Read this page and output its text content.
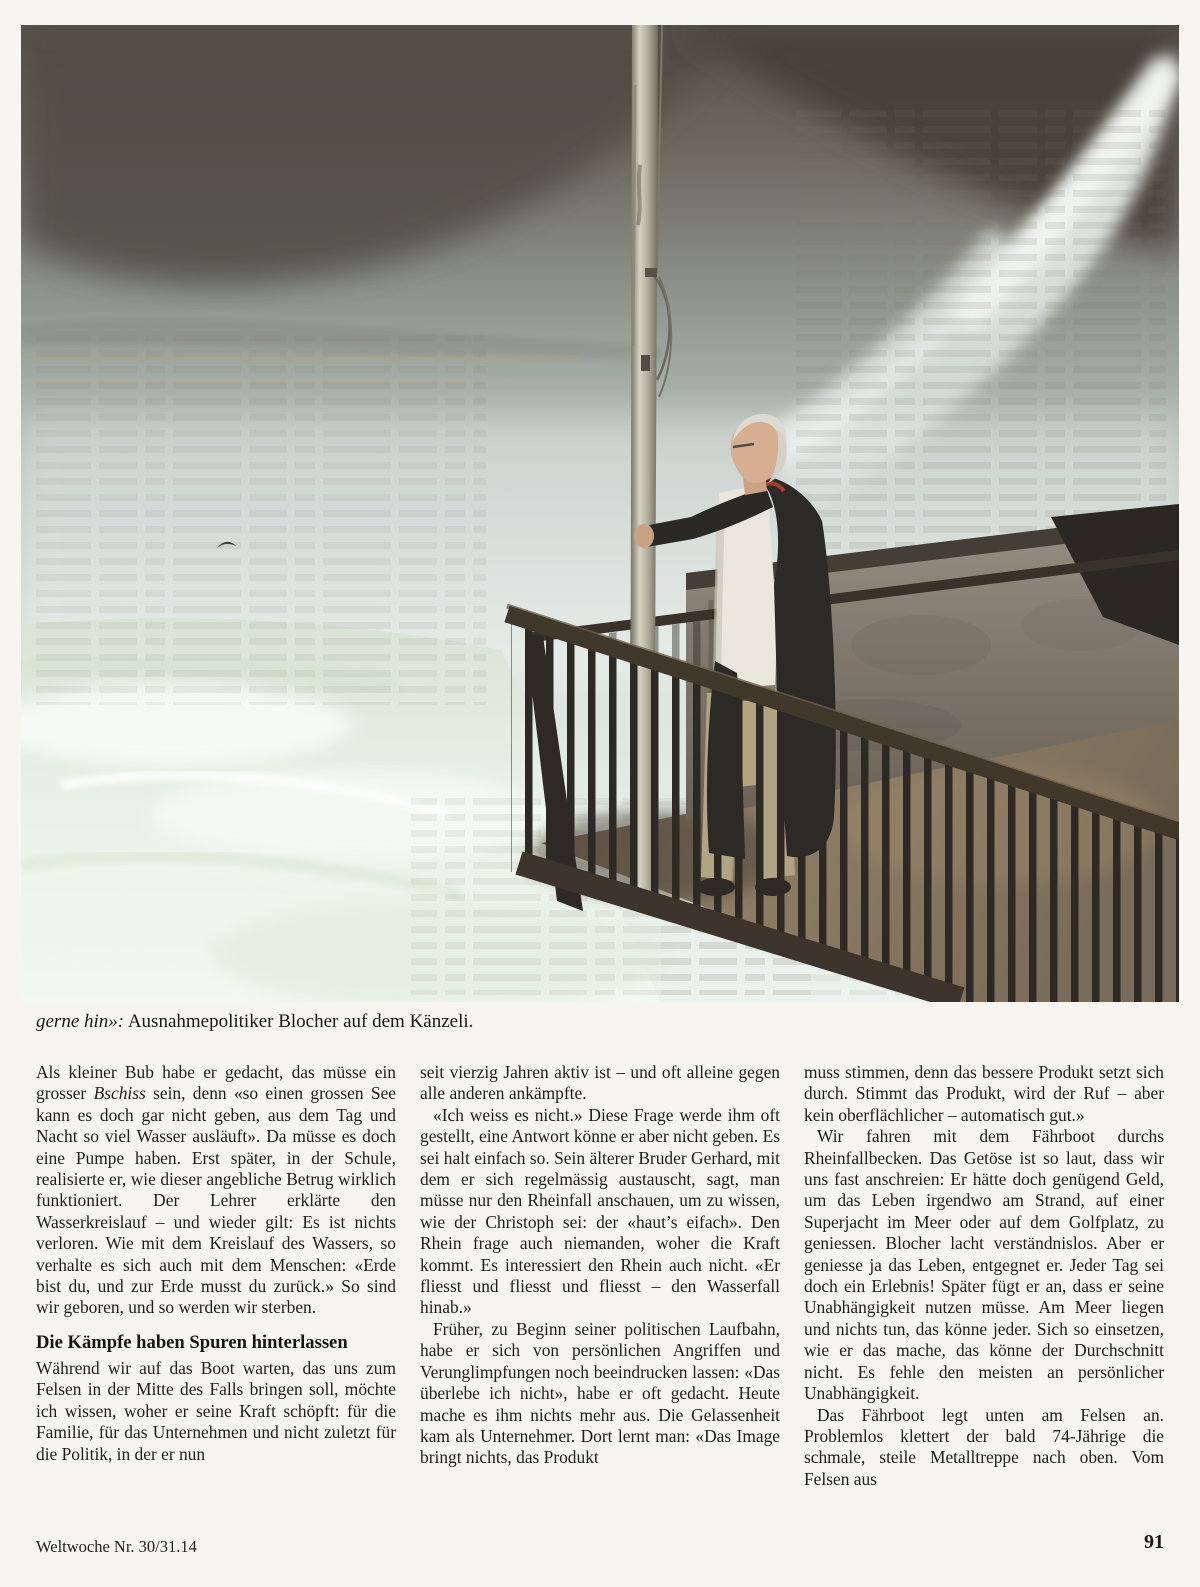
gerne hin»: Ausnahmepolitiker Blocher auf dem Känzeli.

Als kleiner Bub habe er gedacht, das müsse ein grosser Bschiss sein, denn «so einen grossen See kann es doch gar nicht geben, aus dem Tag und Nacht so viel Wasser ausläuft». Da müsse es doch eine Pumpe haben. Erst später, in der Schule, realisierte er, wie dieser angebliche Betrug wirklich funktioniert. Der Lehrer erklärte den Wasserkreislauf – und wieder gilt: Es ist nichts verloren. Wie mit dem Kreislauf des Wassers, so verhalte es sich auch mit dem Menschen: «Erde bist du, und zur Erde musst du zurück.» So sind wir geboren, und so werden wir sterben.

Die Kämpfe haben Spuren hinterlassen

Während wir auf das Boot warten, das uns zum Felsen in der Mitte des Falls bringen soll, möchte ich wissen, woher er seine Kraft schöpft: für die Familie, für das Unternehmen und nicht zuletzt für die Politik, in der er nun

seit vierzig Jahren aktiv ist – und oft alleine gegen alle anderen ankämpfte.

«Ich weiss es nicht.» Diese Frage werde ihm oft gestellt, eine Antwort könne er aber nicht geben. Es sei halt einfach so. Sein älterer Bruder Gerhard, mit dem er sich regelmässig austauscht, sagt, man müsse nur den Rheinfall anschauen, um zu wissen, wie der Christoph sei: der «haut’s eifach». Den Rhein frage auch niemanden, woher die Kraft kommt. Es interessiert den Rhein auch nicht. «Er fliesst und fliesst und fliesst – den Wasserfall hinab.»

Früher, zu Beginn seiner politischen Laufbahn, habe er sich von persönlichen Angriffen und Verunglimpfungen noch beeindrucken lassen: «Das überlebe ich nicht», habe er oft gedacht. Heute mache es ihm nichts mehr aus. Die Gelassenheit kam als Unternehmer. Dort lernt man: «Das Image bringt nichts, das Produkt

muss stimmen, denn das bessere Produkt setzt sich durch. Stimmt das Produkt, wird der Ruf – aber kein oberflächlicher – automatisch gut.»

Wir fahren mit dem Fährboot durchs Rheinfallbecken. Das Getöse ist so laut, dass wir uns fast anschreien: Er hätte doch genügend Geld, um das Leben irgendwo am Strand, auf einer Superjacht im Meer oder auf dem Golfplatz, zu geniessen. Blocher lacht verständnislos. Aber er geniesse ja das Leben, entgegnet er. Jeder Tag sei doch ein Erlebnis! Später fügt er an, dass er seine Unabhängigkeit nutzen müsse. Am Meer liegen und nichts tun, das könne jeder. Sich so einsetzen, wie er das mache, das könne der Durchschnitt nicht. Es fehle den meisten an persönlicher Unabhängigkeit.

Das Fährboot legt unten am Felsen an. Problemlos klettert der bald 74-Jährige die schmale, steile Metalltreppe nach oben. Vom Felsen aus

Weltwoche Nr. 30/31.14	91
